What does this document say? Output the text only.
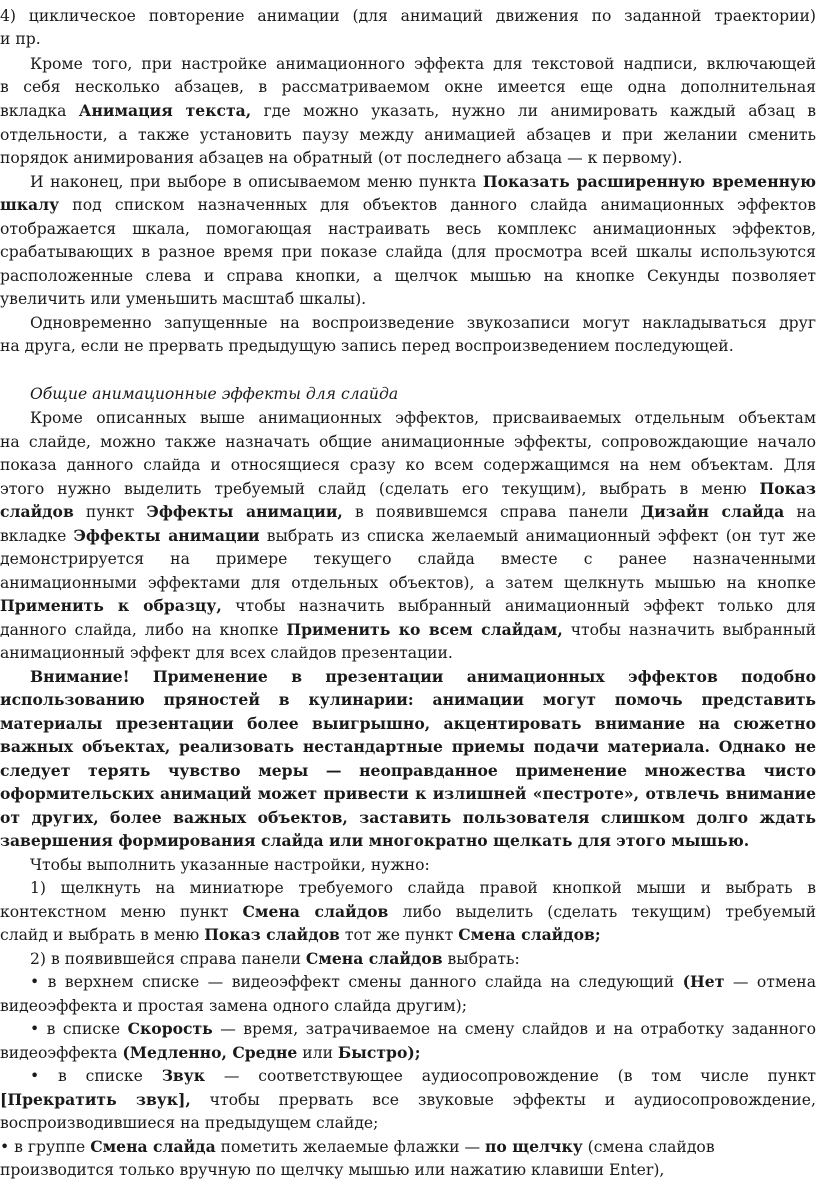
4) циклическое повторение анимации (для анимаций движения по заданной траектории)
и пр.
Кроме того, при настройке анимационного эффекта для текстовой надписи, включающей
в себя несколько абзацев, в рассматриваемом окне имеется еще одна дополнительная
вкладка Анимация текста, где можно указать, нужно ли анимировать каждый абзац в
отдельности, а также установить паузу между анимацией абзацев и при желании сменить
порядок анимирования абзацев на обратный (от последнего абзаца — к первому).
И наконец, при выборе в описываемом меню пункта Показать расширенную временную
шкалу под списком назначенных для объектов данного слайда анимационных эффектов
отображается шкала, помогающая настраивать весь комплекс анимационных эффектов,
срабатывающих в разное время при показе слайда (для просмотра всей шкалы используются
расположенные слева и справа кнопки, а щелчок мышью на кнопке Секунды позволяет
увеличить или уменьшить масштаб шкалы).
Одновременно запущенные на воспроизведение звукозаписи могут накладываться друг
на друга, если не прервать предыдущую запись перед воспроизведением последующей.
Общие анимационные эффекты для слайда
Кроме описанных выше анимационных эффектов, присваиваемых отдельным объектам
на слайде, можно также назначать общие анимационные эффекты, сопровождающие начало
показа данного слайда и относящиеся сразу ко всем содержащимся на нем объектам. Для
этого нужно выделить требуемый слайд (сделать его текущим), выбрать в меню Показ
слайдов пункт Эффекты анимации, в появившемся справа панели Дизайн слайда на
вкладке Эффекты анимации выбрать из списка желаемый анимационный эффект (он тут же
демонстрируется на примере текущего слайда вместе с ранее назначенными
анимационными эффектами для отдельных объектов), а затем щелкнуть мышью на кнопке
Применить к образцу, чтобы назначить выбранный анимационный эффект только для
данного слайда, либо на кнопке Применить ко всем слайдам, чтобы назначить выбранный
анимационный эффект для всех слайдов презентации.
Внимание! Применение в презентации анимационных эффектов подобно
использованию пряностей в кулинарии: анимации могут помочь представить
материалы презентации более выигрышно, акцентировать внимание на сюжетно
важных объектах, реализовать нестандартные приемы подачи материала. Однако не
следует терять чувство меры — неоправданное применение множества чисто
оформительских анимаций может привести к излишней «пестроте», отвлечь внимание
от других, более важных объектов, заставить пользователя слишком долго ждать
завершения формирования слайда или многократно щелкать для этого мышью.
Чтобы выполнить указанные настройки, нужно:
1) щелкнуть на миниатюре требуемого слайда правой кнопкой мыши и выбрать в
контекстном меню пункт Смена слайдов либо выделить (сделать текущим) требуемый
слайд и выбрать в меню Показ слайдов тот же пункт Смена слайдов;
2) в появившейся справа панели Смена слайдов выбрать:
• в верхнем списке — видеоэффект смены данного слайда на следующий (Нет — отмена
видеоэффекта и простая замена одного слайда другим);
• в списке Скорость — время, затрачиваемое на смену слайдов и на отработку заданного
видеоэффекта (Медленно, Средне или Быстро);
• в списке Звук — соответствующее аудиосопровождение (в том числе пункт
[Прекратить звук], чтобы прервать все звуковые эффекты и аудиосопровождение,
воспроизводившиеся на предыдущем слайде;
• в группе Смена слайда пометить желаемые флажки — по щелчку (смена слайдов
производится только вручную по щелчку мышью или нажатию клавиши Enter),
